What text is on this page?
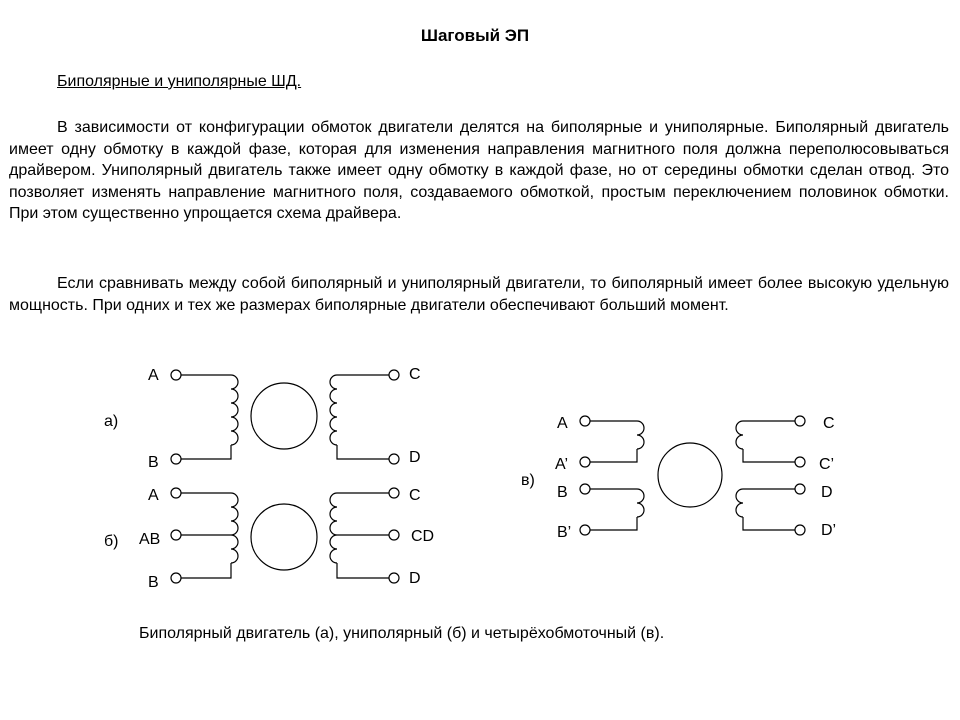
Шаговый ЭП
Биполярные и униполярные ШД.

В зависимости от конфигурации обмоток двигатели делятся на биполярные и униполярные. Биполярный двигатель имеет одну обмотку в каждой фазе, которая для изменения направления магнитного поля должна переполюсовываться драйвером. Униполярный двигатель также имеет одну обмотку в каждой фазе, но от середины обмотки сделан отвод. Это позволяет изменять направление магнитного поля, создаваемого обмоткой, простым переключением половинок обмотки. При этом существенно упрощается схема драйвера.

Если сравнивать между собой биполярный и униполярный двигатели, то биполярный имеет более высокую удельную мощность. При одних и тех же размерах биполярные двигатели обеспечивают больший момент.

а)
A
B
C
D
б)
A
AB
B
C
CD
D
в)
A
A’
B
B’
C
C’
D
D’
Биполярный двигатель (а), униполярный (б) и четырёхобмоточный (в).
